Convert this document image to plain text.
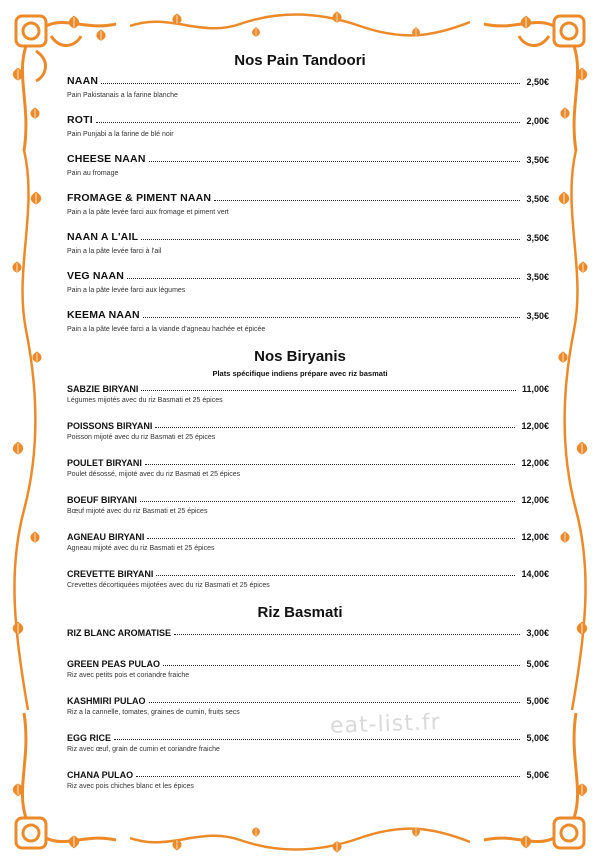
Nos Pain Tandoori
NAAN	2,50€
Pain Pakistanais a la farine blanche
ROTI	2,00€
Pain Punjabi a la farine de blé noir
CHEESE NAAN	3,50€
Pain au fromage
FROMAGE & PIMENT NAAN	3,50€
Pain a la pâte levée farci aux fromage et piment vert
NAAN A L'AIL	3,50€
Pain a la pâte levée farci à l'ail
VEG NAAN	3,50€
Pain a la pâte levée farci aux légumes
KEEMA NAAN	3,50€
Pain a la pâte levée farci a la viande d'agneau hachée et épicée
Nos Biryanis
Plats spécifique indiens prépare avec riz basmati
SABZIE BIRYANI	11,00€
Légumes mijotés avec du riz Basmati et 25 épices
POISSONS BIRYANI	12,00€
Poisson mijoté avec du riz Basmati et 25 épices
POULET BIRYANI	12,00€
Poulet désossé, mijoté avec du riz Basmati et 25 épices
BOEUF BIRYANI	12,00€
Bœuf mijoté avec du riz Basmati et 25 épices
AGNEAU BIRYANI	12,00€
Agneau mijoté avec du riz Basmati et 25 épices
CREVETTE BIRYANI	14,00€
Crevettes décortiquées mijotées avec du riz Basmati et 25 épices
Riz Basmati
RIZ BLANC AROMATISE	3,00€
GREEN PEAS PULAO	5,00€
Riz avec petits pois et coriandre fraiche
KASHMIRI PULAO	5,00€
Riz a la cannelle, tomates, graines de cumin, fruits secs
EGG RICE	5,00€
Riz avec œuf, grain de cumin et coriandre fraiche
CHANA PULAO	5,00€
Riz avec pois chiches blanc et les épices
eat-list.fr
